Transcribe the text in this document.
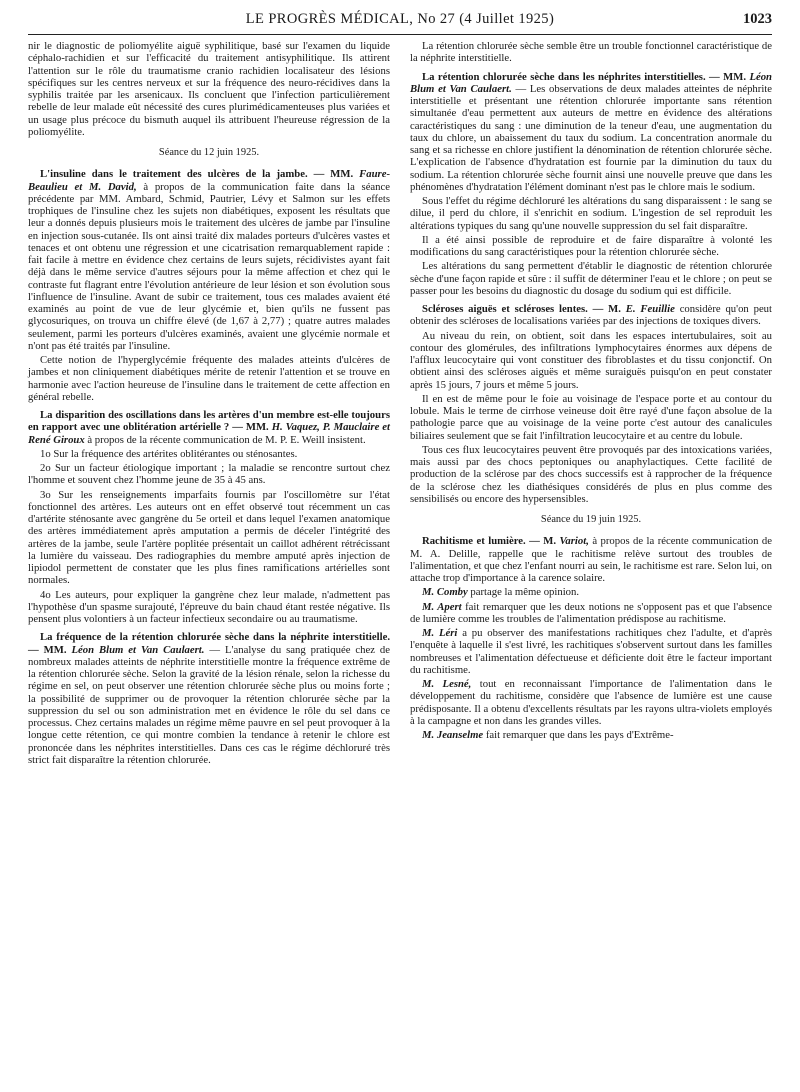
LE PROGRÈS MÉDICAL, No 27 (4 Juillet 1925)	1023

nir le diagnostic de poliomyélite aiguë syphilitique, basé sur l'examen du liquide céphalo-rachidien et sur l'efficacité du traitement antisyphilitique. Ils attirent l'attention sur le rôle du traumatisme cranio rachidien localisateur des lésions spécifiques sur les centres nerveux et sur la fréquence des neuro-récidives dans la syphilis traitée par les arsenicaux. Ils concluent que l'infection particulièrement rebelle de leur malade eût nécessité des cures plurimédicamenteuses plus variées et un usage plus précoce du bismuth auquel ils attribuent l'heureuse régression de la poliomyélite.

Séance du 12 juin 1925.

L'insuline dans le traitement des ulcères de la jambe. — MM. Faure-Beaulieu et M. David, à propos de la communication faite dans la séance précédente par MM. Ambard, Schmid, Pautrier, Lévy et Salmon sur les effets trophiques de l'insuline chez les sujets non diabétiques, exposent les résultats que leur a donnés depuis plusieurs mois le traitement des ulcères de jambe par l'insuline en injection sous-cutanée. Ils ont ainsi traité dix malades porteurs d'ulcères vastes et tenaces et ont obtenu une régression et une cicatrisation remarquablement rapide : fait facile à mettre en évidence chez certains de leurs sujets, récidivistes ayant fait déjà dans le même service d'autres séjours pour la même affection et chez qui le contraste fut flagrant entre l'évolution antérieure de leur lésion et son évolution sous l'influence de l'insuline. Avant de subir ce traitement, tous ces malades avaient été examinés au point de vue de leur glycémie et, bien qu'ils ne fussent pas glycosuriques, on trouva un chiffre élevé (de 1,67 à 2,77) ; quatre autres malades seulement, parmi les porteurs d'ulcères examinés, avaient une glycémie normale et n'ont pas été traités par l'insuline.

Cette notion de l'hyperglycémie fréquente des malades atteints d'ulcères de jambes et non cliniquement diabétiques mérite de retenir l'attention et se trouve en harmonie avec l'action heureuse de l'insuline dans le traitement de cette affection en général rebelle.

La disparition des oscillations dans les artères d'un membre est-elle toujours en rapport avec une oblitération artérielle ? — MM. H. Vaquez, P. Mauclaire et René Giroux à propos de la récente communication de M. P. E. Weill insistent.

1o Sur la fréquence des artérites oblitérantes ou sténosantes.

2o Sur un facteur étiologique important ; la maladie se rencontre surtout chez l'homme et souvent chez l'homme jeune de 35 à 45 ans.

3o Sur les renseignements imparfaits fournis par l'oscillomètre sur l'état fonctionnel des artères. Les auteurs ont en effet observé tout récemment un cas d'artérite sténosante avec gangrène du 5e orteil et dans lequel l'examen anatomique des artères immédiatement après amputation a permis de déceler l'intégrité des artères de la jambe, seule l'artère poplitée présentait un caillot adhérent rétrécissant la lumière du vaisseau. Des radiographies du membre amputé après injection de lipiodol permettent de constater que les plus fines ramifications artérielles sont normales.

4o Les auteurs, pour expliquer la gangrène chez leur malade, n'admettent pas l'hypothèse d'un spasme surajouté, l'épreuve du bain chaud étant restée négative. Ils pensent plus volontiers à un facteur infectieux secondaire ou au traumatisme.

La fréquence de la rétention chlorurée sèche dans la néphrite interstitielle. — MM. Léon Blum et Van Caulaert. — L'analyse du sang pratiquée chez de nombreux malades atteints de néphrite interstitielle montre la fréquence extrême de la rétention chlorurée sèche. Selon la gravité de la lésion rénale, selon la richesse du régime en sel, on peut observer une rétention chlorurée sèche plus ou moins forte ; la possibilité de supprimer ou de provoquer la rétention chlorurée sèche par la suppression du sel ou son administration met en évidence le rôle du sel dans ce processus. Chez certains malades un régime même pauvre en sel peut provoquer à la longue cette rétention, ce qui montre combien la tendance à retenir le chlore est prononcée dans les néphrites interstitielles. Dans ces cas le régime déchloruré très strict fait disparaître la rétention chlorurée.

La rétention chlorurée sèche semble être un trouble fonctionnel caractéristique de la néphrite interstitielle.

La rétention chlorurée sèche dans les néphrites interstitielles. — MM. Léon Blum et Van Caulaert. — Les observations de deux malades atteintes de néphrite interstitielle et présentant une rétention chlorurée importante sans rétention simultanée d'eau permettent aux auteurs de mettre en évidence des altérations caractéristiques du sang : une diminution de la teneur d'eau, une augmentation du taux du chlore, un abaissement du taux du sodium. La concentration anormale du sang et sa richesse en chlore justifient la dénomination de rétention chlorurée sèche. L'explication de l'absence d'hydratation est fournie par la diminution du taux du sodium. La rétention chlorurée sèche fournit ainsi une nouvelle preuve que dans les phénomènes d'hydratation l'élément dominant n'est pas le chlore mais le sodium.

Sous l'effet du régime déchloruré les altérations du sang disparaissent : le sang se dilue, il perd du chlore, il s'enrichit en sodium. L'ingestion de sel reproduit les altérations typiques du sang qu'une nouvelle suppression du sel fait disparaître.

Il a été ainsi possible de reproduire et de faire disparaître à volonté les modifications du sang caractéristiques pour la rétention chlorurée sèche.

Les altérations du sang permettent d'établir le diagnostic de rétention chlorurée sèche d'une façon rapide et sûre : il suffit de déterminer l'eau et le chlore ; on peut se passer pour les besoins du diagnostic du dosage du sodium qui est difficile.

Scléroses aiguës et scléroses lentes. — M. E. Feuillie considère qu'on peut obtenir des scléroses de localisations variées par des injections de toxiques divers.

Au niveau du rein, on obtient, soit dans les espaces intertubulaires, soit au contour des glomérules, des infiltrations lymphocytaires énormes aux dépens de l'afflux leucocytaire qui vont constituer des fibroblastes et du tissu conjonctif. On obtient ainsi des scléroses aiguës et même suraiguës puisqu'on en peut constater après 15 jours, 7 jours et même 5 jours.

Il en est de même pour le foie au voisinage de l'espace porte et au contour du lobule. Mais le terme de cirrhose veineuse doit être rayé d'une façon absolue de la pathologie parce que au voisinage de la veine porte c'est autour des canalicules biliaires seulement que se fait l'infiltration leucocytaire et au centre du lobule.

Tous ces flux leucocytaires peuvent être provoqués par des intoxications variées, mais aussi par des chocs peptoniques ou anaphylactiques. Cette facilité de production de la sclérose par des chocs successifs est à rapprocher de la fréquence de la sclérose chez les diathésiques considérés de plus en plus comme des sensibilisés ou encore des hypersensibles.

Séance du 19 juin 1925.

Rachitisme et lumière. — M. Variot, à propos de la récente communication de M. A. Delille, rappelle que le rachitisme relève surtout des troubles de l'alimentation, et que chez l'enfant nourri au sein, le rachitisme est rare. Selon lui, on attache trop d'importance à la carence solaire.

M. Comby partage la même opinion.

M. Apert fait remarquer que les deux notions ne s'opposent pas et que l'absence de lumière comme les troubles de l'alimentation prédispose au rachitisme.

M. Léri a pu observer des manifestations rachitiques chez l'adulte, et d'après l'enquête à laquelle il s'est livré, les rachitiques s'observent surtout dans les familles nombreuses et l'alimentation défectueuse et déficiente doit être le facteur important du rachitisme.

M. Lesné, tout en reconnaissant l'importance de l'alimentation dans le développement du rachitisme, considère que l'absence de lumière est une cause prédisposante. Il a obtenu d'excellents résultats par les rayons ultra-violets employés à la campagne et non dans les grandes villes.

M. Jeanselme fait remarquer que dans les pays d'Extrême-
